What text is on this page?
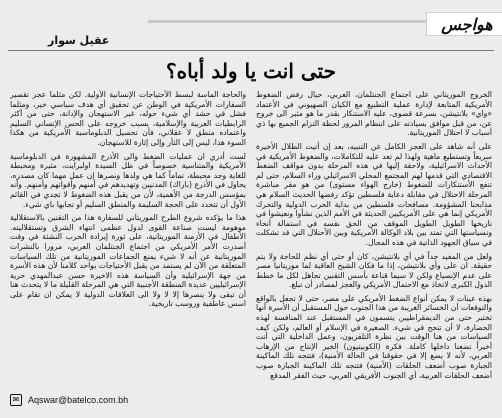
هواجس
عقيل سوار
حتى انت يا ولد أباه؟

الخروج الموريتاني على اجتماع الجنتلمان، العربي، حيال رفض الضغوط الأمريكية المتابعة لإدارة عملية التطبيع مع الكيان الصهيوني في الأعتماد «واي» بلانتيشن، بسرعة قصوى، عليه الاستنكار بقدر ما هو مثير الى خروج عن، من قبل موافق بسيادته على انتظام المرور لحظة التزام الجميع بها ذي أسباب لا احتلال الموريتانية.

على أنه شاهد على العجز الكامل عن التنبيه، بعد إن أتيت الظلال الأخيرة سريعاً وتستطيع ماهية ولهذا لم تعد عليه للتكاملات، والضغوط الأمريكية في الأحداث الاسرائيلية، ولاحقة إليها في هذه المرحلة بدون مواقف الضغط الاقتصادي التي قدمها لهم المجتمع المحلي الاسرائيلي وراء السلام، حتى لم تنفع الأستنكارات للضغوط (خارج الهواء مستوى) من هو مقر مباشرة المرحلة الاحتلال في مقابلة دعاية فلسطين تؤكد رفضها الحديث السلام هي مذابحنا المشؤومة. مصافحات فلسطين من بداية الحرب الدولية والتحرك الأمريكي إنما هي على الأمريكيين الحديثة في الأمم الذين نشأوا ونعيشوا في تاريخها الطويل الطويل الموقف من الحق نفسه في استمالة أنحاء ونسياستها التي تمتد بين بلاد الوكالة الأمريكية وبين الأحتلال التي قد تشكلت في سياق الجهود الذاتية في هذه المجال.

ولعل من المفيد جداً في أي بلانتيشن، كان أو حتى أي نظم للحاجة ولا يتم حقيقة. ان على وأي بلانتيشن، إذا ما فكان الشيخ العاقبة لما موريتانيا مصر على عدم الإنصياع ولكن لا سيما قناعة بأسس التقنين تجاهل لكل ما خطط الدول الكبرى لاتخاذ مع الاحتمال الأمريكي والعجز لمصادر أن تبلغ.

بهذه عينات لا يمكن أنواع الضغط الأمريكي على مصر، حتى لا تجعل بالواقع والتوقعات أن الخسائر الغريبة من هذا الجنوب حول المستقبل أن الأسرة أنها تختبر حتى من الديمقراطيين يتسمون في المستقبل عند المنافسة لهذه الحضارة، لا أن تنجح في شيء. الصغيرة في الإسلام أو العالم، ولكن كيف السياسات من هنا الوقت بين نظرة التلفزيون، وعمل الداخلية التي أتت أخيراً تضعنا داخلها كاملة. فكرة (الكوبيتيون) الخير الإنتاج من الإرهاب العربي، لأنه لا يضع إلا في حقوقنا في الحالة الأمنية)، فتتجه تلك الماكينة الجبارة صوب أضعف الحلقات (الأمنية) فتتجه تلك الماكينة الجبارة صوب أضعف الحلقات العربية، أي الجنوب الأفريقي العربي، حيث الفقر المدقع

والحاجة الماسة لبسط الأحتياجات الإنسانية الأولية. لكن مثلما عجز تقصير السفارات الأمريكية في الوطن عن تحقيق أي هدف سياسي خير، ومثلما فشل في حشد أي شيء حوله، غير الاستهجان والإدانة، حتى من أكثر الرابطيات العربية والإسلامية، بسبب خروجه على الحس الإنساني السليم واعتماده منطق لا عقلاني، فأن تحصيل الدبلوماسية الأمريكية من هكذا السوء هذا، ليس إلى الثأر وإلى إثارة للاستهجان.

لست أدري ان عمليات الضغط والى الأذرع المشهورة في الدبلوماسية الأمريكية والمتناسية خصوصاً في ظل السيدة اولبرايت، مثيرة ومحبطة للغاية وجد محبطة، تماماً كما هي ولدها ونصرها إن عمل مهما كان مصدره، يحاول في الأذرع (باراك) المدنيين وتهديدهم في أمنهم وأقواتهم وأمنهم. وأنه بمؤسس الدرجة من الأهمية، لأن من يقبل هذه الضغوط لا تجدي في القائم الأول أن تتحدد على الحجة السليمة والمنطق السليم أو تجابها باي شيء.

هذا ما يؤكده شروع الطرح الموريتاني للسفارة هذا من التقنين بالاستقلالية موهومة ليست صناعة القوى لدول عظمى انتهاء الشرق وتستقلاليته. الأطفال في الأزمنة الموريتانية، على ثورة إيرادة الحرب النشئة في وقت أصدرت الأمر الأمريكي من اجتماع الجنتلمان العربي، مرورا بالنشرات الموريتانية عن أنه لا شيء يمنع الجماعات الموريتانية من تلك السياسات المتعلقة من الآن لم يستمد من يقبل الأحتياجات بواحد كلامنا لأن هذه الأسرة من جهة الإسرائيلية وأن السياسة هذه الاخيرة حسن عبدالمهدي حرية الإسرائيليين عديدة المنطقة الأجنبية التي هي المرحلة القليلة ما لا يتحدث هنا أن تبقى ولا ينصرها إلا لا ولا الى العلاقات الدولية لا يمكن ان تقام على اسس عاطفية وروسب تاريخية.

✉ Aqswar@batelco.com.bh
